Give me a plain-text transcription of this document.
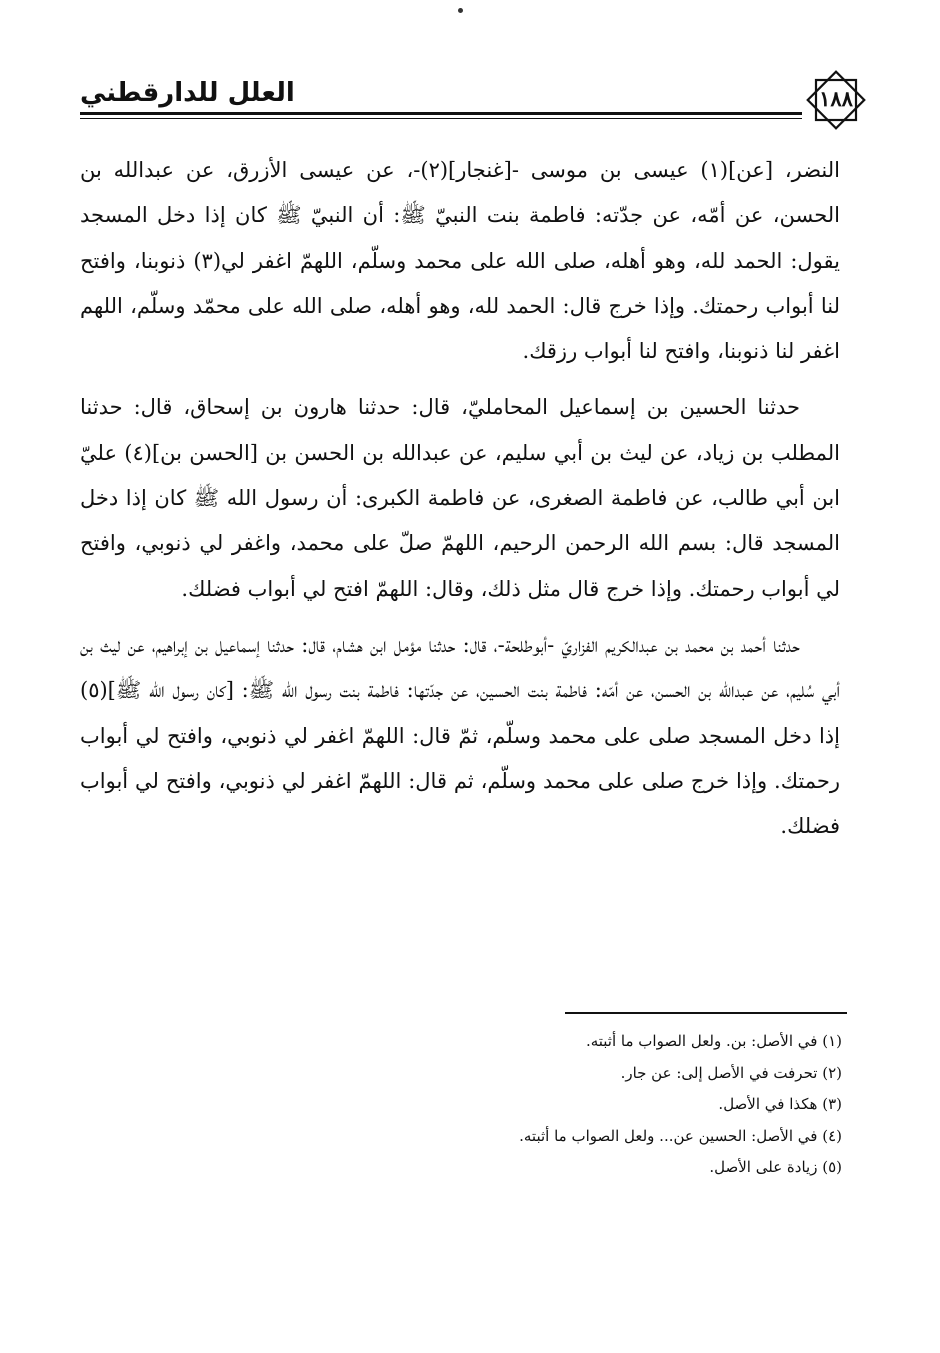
العلل للدارقطني	١٨٨

النضر، [عن](١) عيسى بن موسى -[غنجار](٢)-، عن عيسى الأزرق، عن عبدالله بن الحسن، عن أمّه، عن جدّته: فاطمة بنت النبيّ ﷺ: أن النبيّ ﷺ كان إذا دخل المسجد يقول: الحمد لله، وهو أهله، صلى الله على محمد وسلّم، اللهمّ اغفر لي(٣) ذنوبنا، وافتح لنا أبواب رحمتك. وإذا خرج قال: الحمد لله، وهو أهله، صلى الله على محمّد وسلّم، اللهم اغفر لنا ذنوبنا، وافتح لنا أبواب رزقك.

حدثنا الحسين بن إسماعيل المحامليّ، قال: حدثنا هارون بن إسحاق، قال: حدثنا المطلب بن زياد، عن ليث بن أبي سليم، عن عبدالله بن الحسن بن [الحسن بن](٤) عليّ ابن أبي طالب، عن فاطمة الصغرى، عن فاطمة الكبرى: أن رسول الله ﷺ كان إذا دخل المسجد قال: بسم الله الرحمن الرحيم، اللهمّ صلّ على محمد، واغفر لي ذنوبي، وافتح لي أبواب رحمتك. وإذا خرج قال مثل ذلك، وقال: اللهمّ افتح لي أبواب فضلك.

حدثنا أحمد بن محمد بن عبدالكريم الفزاريّ -أبوطلحة-، قال: حدثنا مؤمل ابن هشام، قال: حدثنا إسماعيل بن إبراهيم، عن ليث بن أبي سُليم، عن عبدالله بن الحسن، عن أمّه: فاطمة بنت الحسين، عن جدّتها: فاطمة بنت رسول الله ﷺ: [كان رسول الله ﷺ](٥) إذا دخل المسجد صلى على محمد وسلّم، ثمّ قال: اللهمّ اغفر لي ذنوبي، وافتح لي أبواب رحمتك. وإذا خرج صلى على محمد وسلّم، ثم قال: اللهمّ اغفر لي ذنوبي، وافتح لي أبواب فضلك.

(١) في الأصل: بن. ولعل الصواب ما أثبته.
(٢) تحرفت في الأصل إلى: عن جار.
(٣) هكذا في الأصل.
(٤) في الأصل: الحسين عن... ولعل الصواب ما أثبته.
(٥) زيادة على الأصل.
